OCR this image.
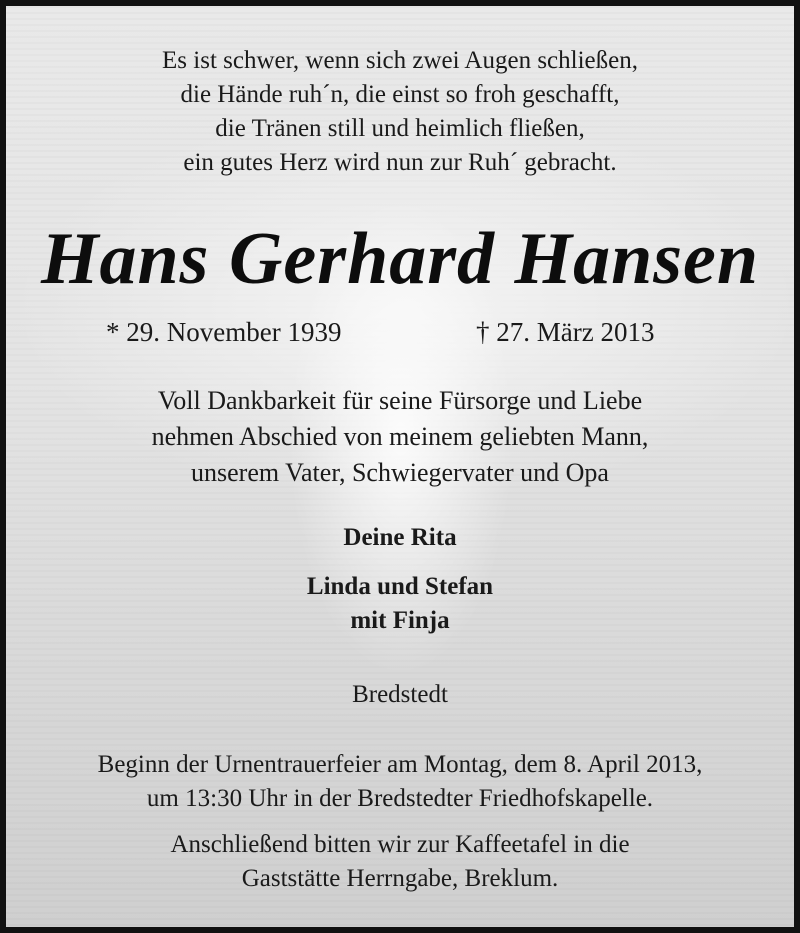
Es ist schwer, wenn sich zwei Augen schließen,
die Hände ruh´n, die einst so froh geschafft,
die Tränen still und heimlich fließen,
ein gutes Herz wird nun zur Ruh´ gebracht.
Hans Gerhard Hansen
* 29. November 1939	† 27. März 2013
Voll Dankbarkeit für seine Fürsorge und Liebe
nehmen Abschied von meinem geliebten Mann,
unserem Vater, Schwiegervater und Opa
Deine Rita
Linda und Stefan
mit Finja
Bredstedt
Beginn der Urnentrauerfeier am Montag, dem 8. April 2013,
um 13:30 Uhr in der Bredstedter Friedhofskapelle.
Anschließend bitten wir zur Kaffeetafel in die
Gaststätte Herrngabe, Breklum.
